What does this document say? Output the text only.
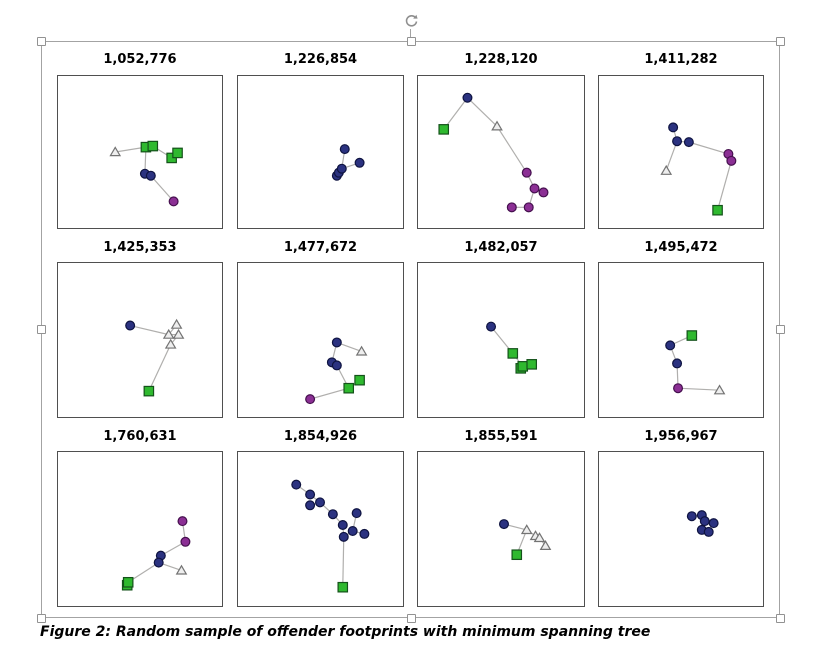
1,052,776	1,226,854	1,228,120	1,411,282
1,425,353	1,477,672	1,482,057	1,495,472
1,760,631	1,854,926	1,855,591	1,956,967
Figure 2: Random sample of offender footprints with minimum spanning tree
